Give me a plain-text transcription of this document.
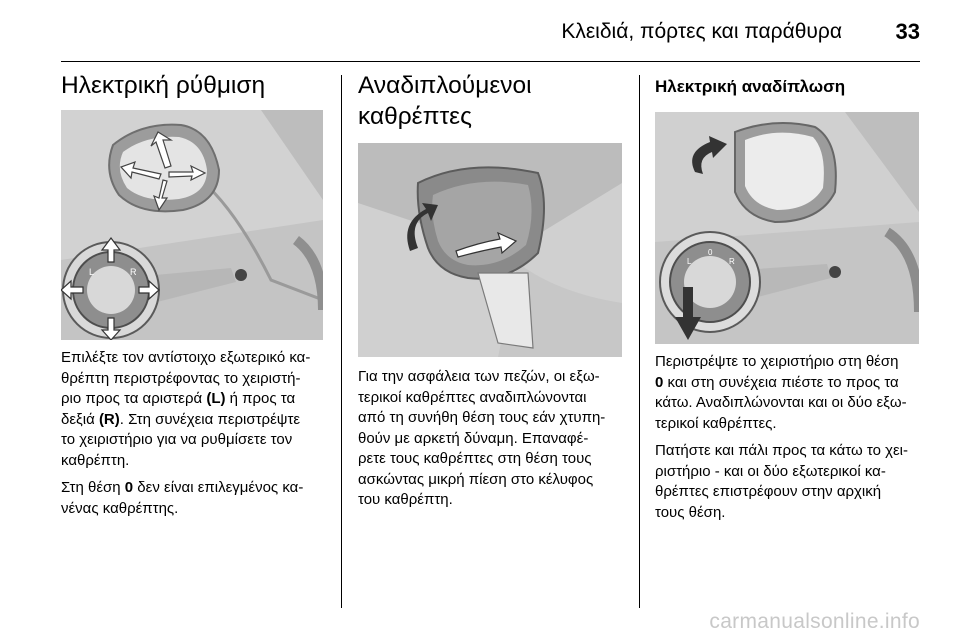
Κλειδιά, πόρτες και παράθυρα 33
Ηλεκτρική ρύθμιση
L	R

Επιλέξτε τον αντίστοιχο εξωτερικό κα-
θρέπτη περιστρέφοντας το χειριστή-
ριο προς τα αριστερά (L) ή προς τα
δεξιά (R). Στη συνέχεια περιστρέψτε
το χειριστήριο για να ρυθμίσετε τον
καθρέπτη.

Στη θέση 0 δεν είναι επιλεγμένος κα-
νένας καθρέπτης.

Αναδιπλούμενοι
καθρέπτες

Για την ασφάλεια των πεζών, οι εξω-
τερικοί καθρέπτες αναδιπλώνονται
από τη συνήθη θέση τους εάν χτυπη-
θούν με αρκετή δύναμη. Επαναφέ-
ρετε τους καθρέπτες στη θέση τους
ασκώντας μικρή πίεση στο κέλυφος
του καθρέπτη.

Ηλεκτρική αναδίπλωση
L
0
R

Περιστρέψτε το χειριστήριο στη θέση
0 και στη συνέχεια πιέστε το προς τα
κάτω. Αναδιπλώνονται και οι δύο εξω-
τερικοί καθρέπτες.

Πατήστε και πάλι προς τα κάτω το χει-
ριστήριο - και οι δύο εξωτερικοί κα-
θρέπτες επιστρέφουν στην αρχική
τους θέση.

carmanualsonline.info
